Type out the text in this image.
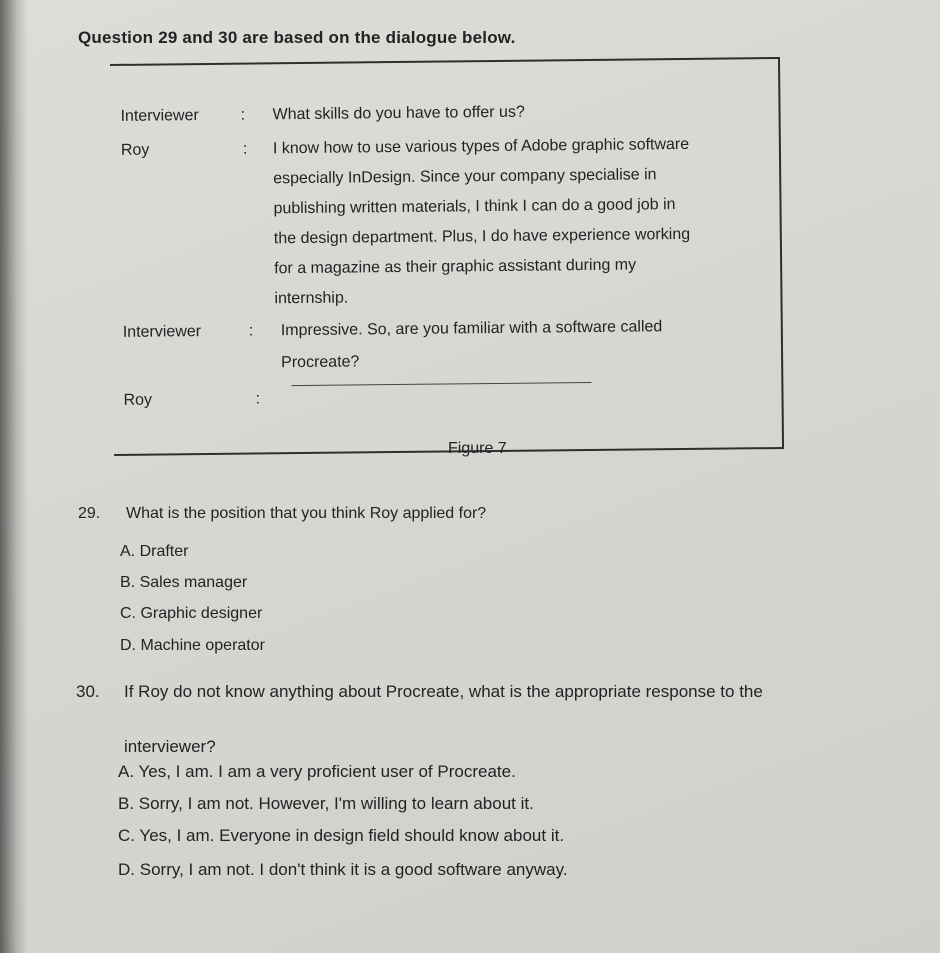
Question 29 and 30 are based on the dialogue below.
Interviewer	: What skills do you have to offer us?
Roy	: I know how to use various types of Adobe graphic software
especially InDesign. Since your company specialise in
publishing written materials, I think I can do a good job in
the design department. Plus, I do have experience working
for a magazine as their graphic assistant during my
internship.
Interviewer	: Impressive. So, are you familiar with a software called
Procreate?
Roy	:
Figure 7
29. What is the position that you think Roy applied for?
A. Drafter
B. Sales manager
C. Graphic designer
D. Machine operator
30. If Roy do not know anything about Procreate, what is the appropriate response to the
interviewer?
A. Yes, I am. I am a very proficient user of Procreate.
B. Sorry, I am not. However, I'm willing to learn about it.
C. Yes, I am. Everyone in design field should know about it.
D. Sorry, I am not. I don't think it is a good software anyway.
